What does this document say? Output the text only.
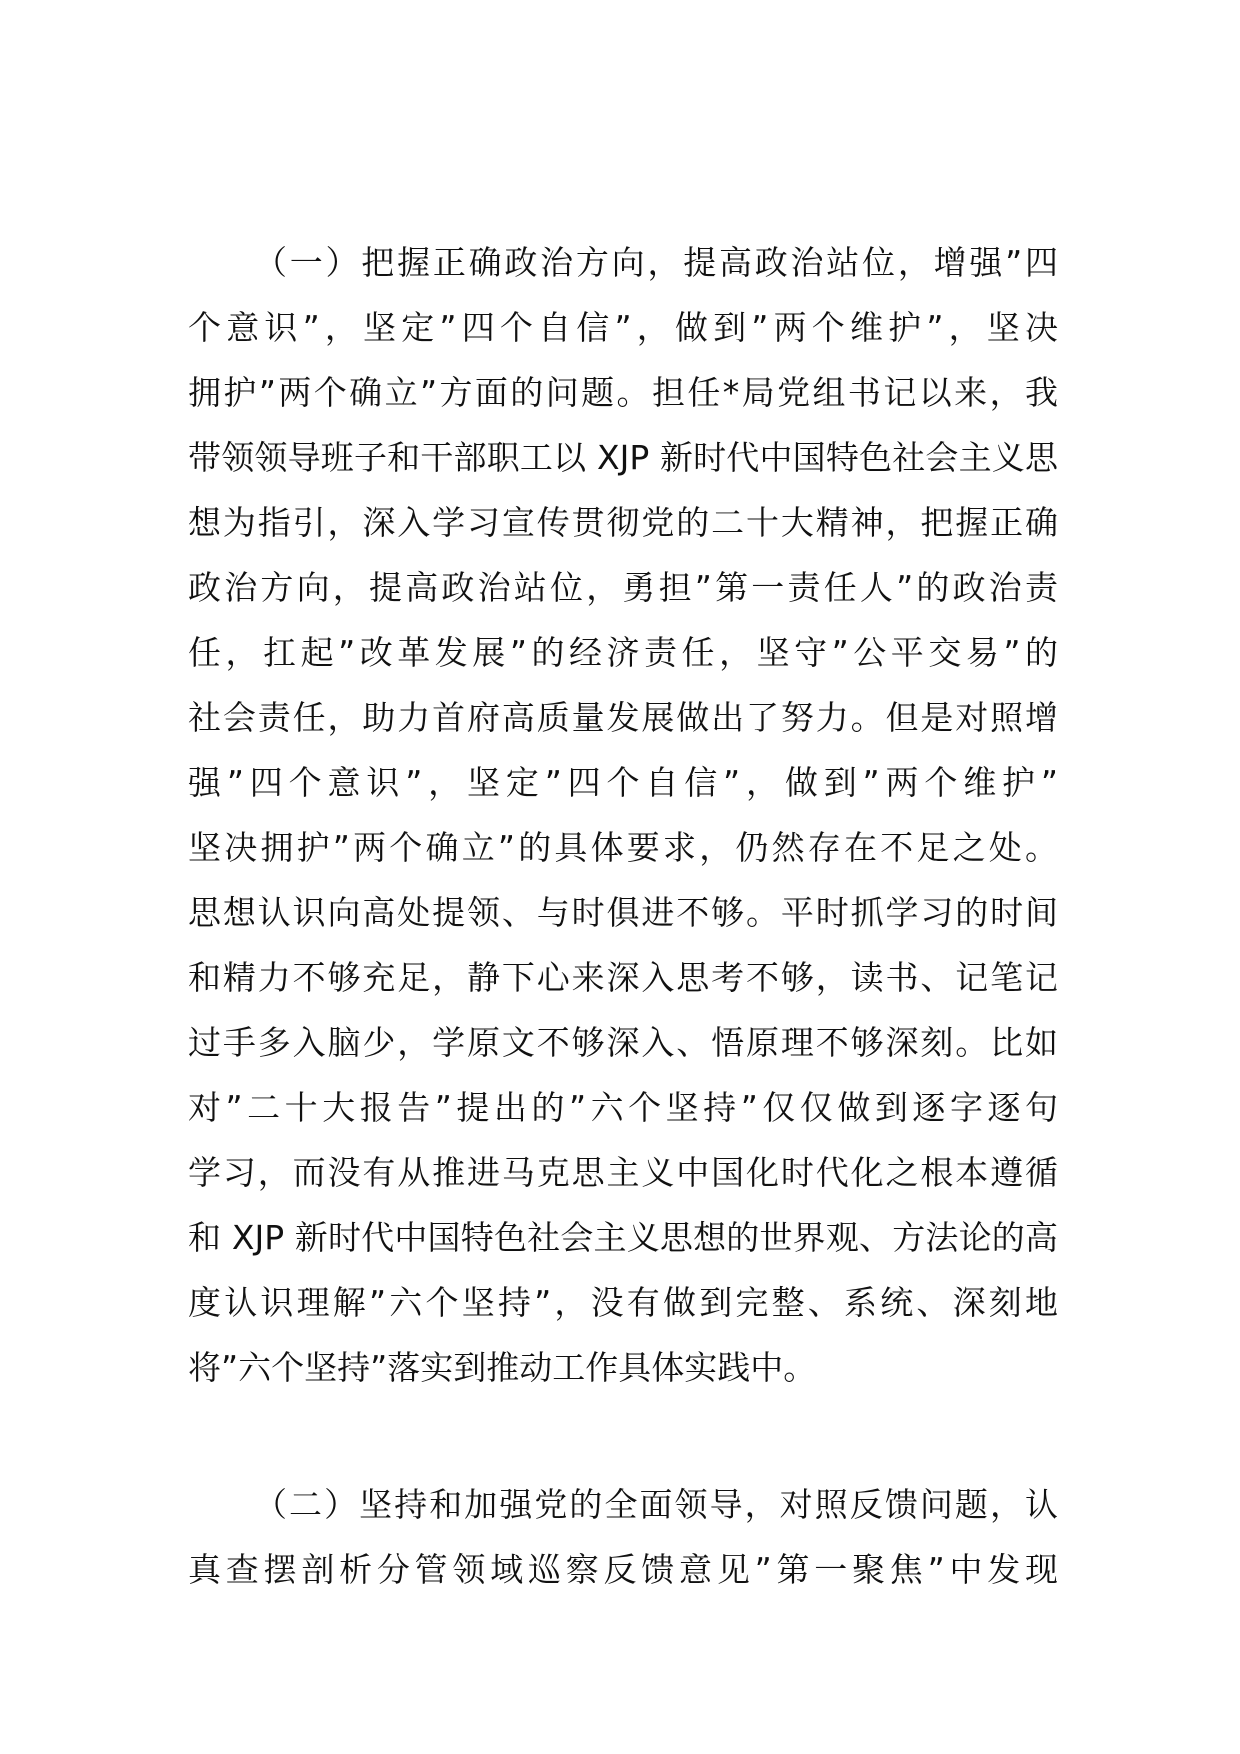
（一）把握正确政治方向，提高政治站位，增强”四
个意识”，坚定”四个自信”，做到”两个维护”，坚决
拥护”两个确立”方面的问题。担任*局党组书记以来，我
带领领导班子和干部职工以 XJP 新时代中国特色社会主义思
想为指引，深入学习宣传贯彻党的二十大精神，把握正确
政治方向，提高政治站位，勇担”第一责任人”的政治责
任，扛起”改革发展”的经济责任，坚守”公平交易”的
社会责任，助力首府高质量发展做出了努力。但是对照增
强”四个意识”，坚定”四个自信”，做到”两个维护”
坚决拥护”两个确立”的具体要求，仍然存在不足之处。
思想认识向高处提领、与时俱进不够。平时抓学习的时间
和精力不够充足，静下心来深入思考不够，读书、记笔记
过手多入脑少，学原文不够深入、悟原理不够深刻。比如
对”二十大报告”提出的”六个坚持”仅仅做到逐字逐句
学习，而没有从推进马克思主义中国化时代化之根本遵循
和 XJP 新时代中国特色社会主义思想的世界观、方法论的高
度认识理解”六个坚持”，没有做到完整、系统、深刻地
将”六个坚持”落实到推动工作具体实践中。
（二）坚持和加强党的全面领导，对照反馈问题，认
真查摆剖析分管领域巡察反馈意见”第一聚焦”中发现
